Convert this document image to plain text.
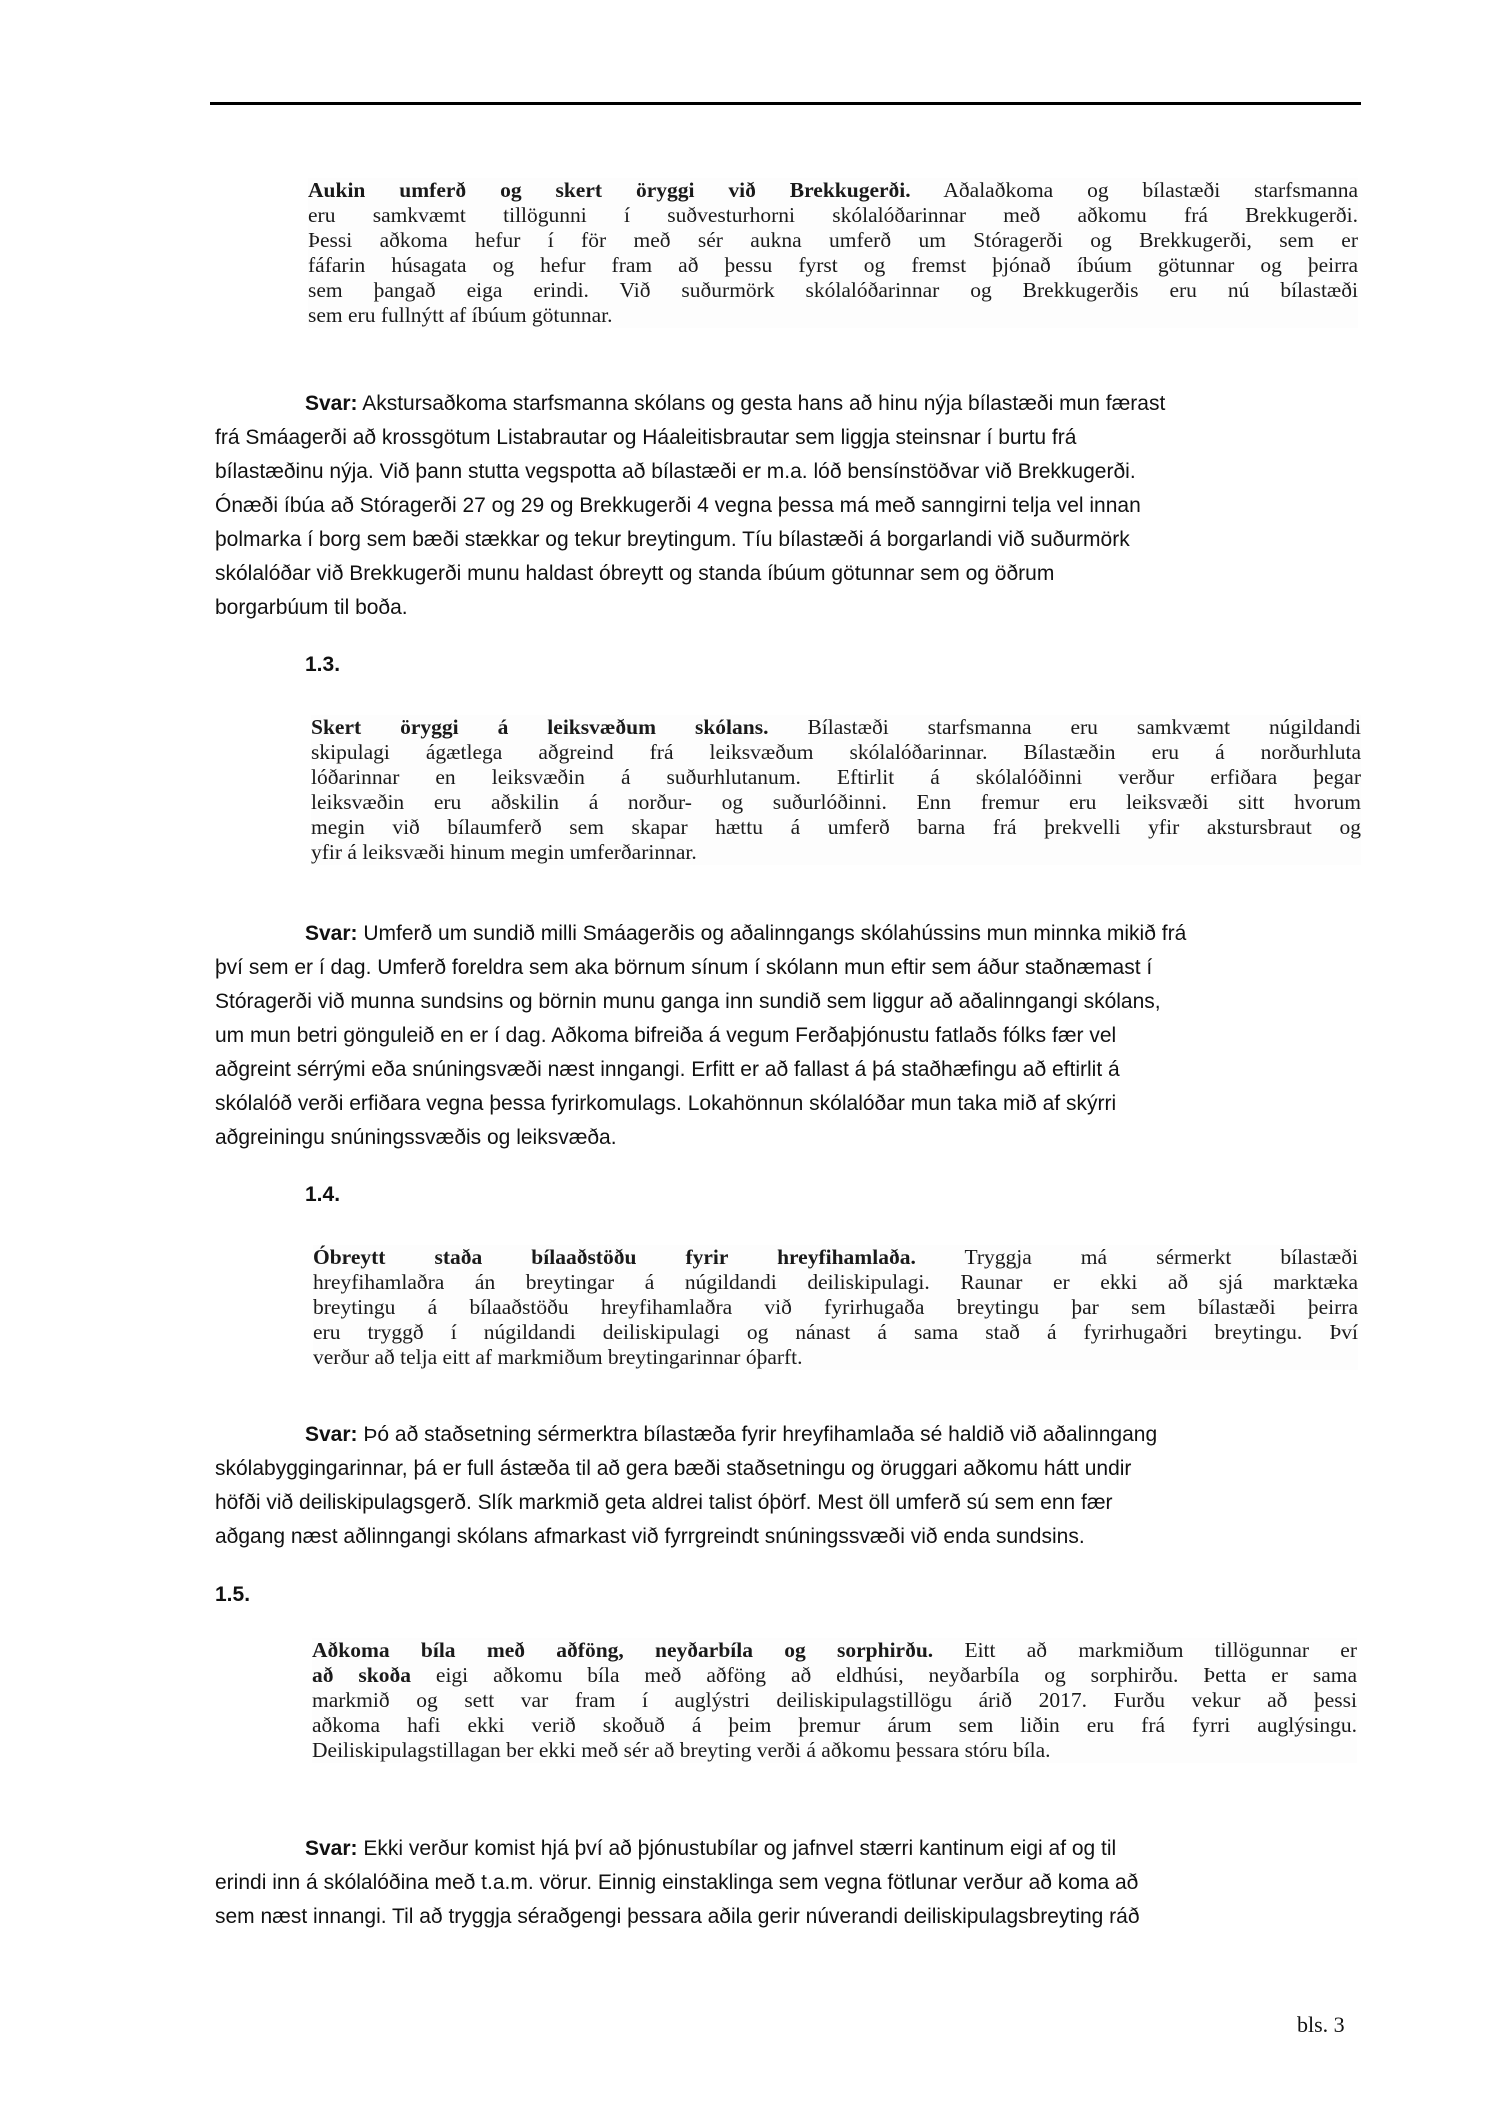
Aukin umferð og skert öryggi við Brekkugerði. Aðalaðkoma og bílastæði starfsmanna
eru samkvæmt tillögunni í suðvesturhorni skólalóðarinnar með aðkomu frá Brekkugerði.
Þessi aðkoma hefur í för með sér aukna umferð um Stóragerði og Brekkugerði, sem er
fáfarin húsagata og hefur fram að þessu fyrst og fremst þjónað íbúum götunnar og þeirra
sem þangað eiga erindi. Við suðurmörk skólalóðarinnar og Brekkugerðis eru nú bílastæði
sem eru fullnýtt af íbúum götunnar.
Svar: Akstursaðkoma starfsmanna skólans og gesta hans að hinu nýja bílastæði mun færast
frá Smáagerði að krossgötum Listabrautar og Háaleitisbrautar sem liggja steinsnar í burtu frá
bílastæðinu nýja. Við þann stutta vegspotta að bílastæði er m.a. lóð bensínstöðvar við Brekkugerði.
Ónæði íbúa að Stóragerði 27 og 29 og Brekkugerði 4 vegna þessa má með sanngirni telja vel innan
þolmarka í borg sem bæði stækkar og tekur breytingum. Tíu bílastæði á borgarlandi við suðurmörk
skólalóðar við Brekkugerði munu haldast óbreytt og standa íbúum götunnar sem og öðrum
borgarbúum til boða.
1.3.
Skert öryggi á leiksvæðum skólans. Bílastæði starfsmanna eru samkvæmt núgildandi
skipulagi ágætlega aðgreind frá leiksvæðum skólalóðarinnar. Bílastæðin eru á norðurhluta
lóðarinnar en leiksvæðin á suðurhlutanum. Eftirlit á skólalóðinni verður erfiðara þegar
leiksvæðin eru aðskilin á norður- og suðurlóðinni. Enn fremur eru leiksvæði sitt hvorum
megin við bílaumferð sem skapar hættu á umferð barna frá þrekvelli yfir akstursbraut og
yfir á leiksvæði hinum megin umferðarinnar.
Svar: Umferð um sundið milli Smáagerðis og aðalinngangs skólahússins mun minnka mikið frá
því sem er í dag. Umferð foreldra sem aka börnum sínum í skólann mun eftir sem áður staðnæmast í
Stóragerði við munna sundsins og börnin munu ganga inn sundið sem liggur að aðalinngangi skólans,
um mun betri gönguleið en er í dag. Aðkoma bifreiða á vegum Ferðaþjónustu fatlaðs fólks fær vel
aðgreint sérrými eða snúningsvæði næst inngangi. Erfitt er að fallast á þá staðhæfingu að eftirlit á
skólalóð verði erfiðara vegna þessa fyrirkomulags. Lokahönnun skólalóðar mun taka mið af skýrri
aðgreiningu snúningssvæðis og leiksvæða.
1.4.
Óbreytt staða bílaaðstöðu fyrir hreyfihamlaða. Tryggja má sérmerkt bílastæði
hreyfihamlaðra án breytingar á núgildandi deiliskipulagi. Raunar er ekki að sjá marktæka
breytingu á bílaaðstöðu hreyfihamlaðra við fyrirhugaða breytingu þar sem bílastæði þeirra
eru tryggð í núgildandi deiliskipulagi og nánast á sama stað á fyrirhugaðri breytingu. Því
verður að telja eitt af markmiðum breytingarinnar óþarft.
Svar: Þó að staðsetning sérmerktra bílastæða fyrir hreyfihamlaða sé haldið við aðalinngang
skólabyggingarinnar, þá er full ástæða til að gera bæði staðsetningu og öruggari aðkomu hátt undir
höfði við deiliskipulagsgerð. Slík markmið geta aldrei talist óþörf. Mest öll umferð sú sem enn fær
aðgang næst aðlinngangi skólans afmarkast við fyrrgreindt snúningssvæði við enda sundsins.
1.5.
Aðkoma bíla með aðföng, neyðarbíla og sorphirðu. Eitt að markmiðum tillögunnar er
að skoða eigi aðkomu bíla með aðföng að eldhúsi, neyðarbíla og sorphirðu. Þetta er sama
markmið og sett var fram í auglýstri deiliskipulagstillögu árið 2017. Furðu vekur að þessi
aðkoma hafi ekki verið skoðuð á þeim þremur árum sem liðin eru frá fyrri auglýsingu.
Deiliskipulagstillagan ber ekki með sér að breyting verði á aðkomu þessara stóru bíla.
Svar: Ekki verður komist hjá því að þjónustubílar og jafnvel stærri kantinum eigi af og til
erindi inn á skólalóðina með t.a.m. vörur. Einnig einstaklinga sem vegna fötlunar verður að koma að
sem næst innangi. Til að tryggja séraðgengi þessara aðila gerir núverandi deiliskipulagsbreyting ráð
bls. 3
